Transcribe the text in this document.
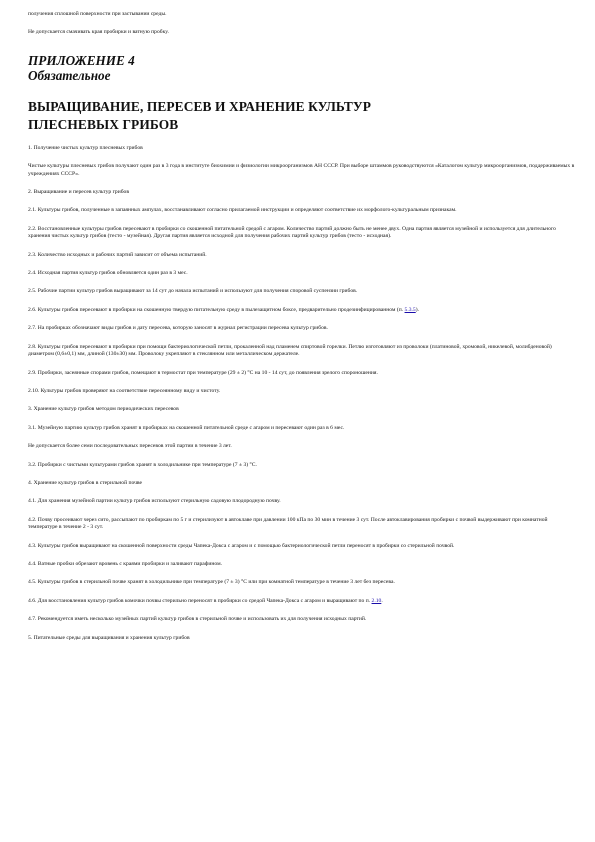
получения сплошной поверхности при застывании среды.

Не допускается смачивать края пробирки и ватную пробку.

ПРИЛОЖЕНИЕ 4
Обязательное
ВЫРАЩИВАНИЕ, ПЕРЕСЕВ И ХРАНЕНИЕ КУЛЬТУР
ПЛЕСНЕВЫХ ГРИБОВ

1. Получение чистых культур плесневых грибов

Чистые культуры плесневых грибов получают один раз в 3 года в институте биохимии и физиологии микроорганизмов АН СССР. При выборе штаммов руководствуются «Каталогом культур микроорганизмов, поддерживаемых в учреждениях СССР».

2. Выращивание и пересев культур грибов

2.1. Культуры грибов, полученные в запаянных ампулах, восстанавливают согласно прилагаемой инструкции и определяют соответствие их морфолого-культуральным признакам.

2.2. Восстановленные культуры грибов пересевают в пробирки со скошенной питательной средой с агаром. Количество партий должно быть не менее двух. Одна партия является музейной и используется для длительного хранения чистых культур грибов (тесто - музейная). Другая партия является исходной для получения рабочих партий культур грибов (тесто - исходная).

2.3. Количество исходных и рабочих партий зависит от объема испытаний.

2.4. Исходная партия культур грибов обновляется один раз в 3 мес.

2.5. Рабочие партии культур грибов выращивают за 14 сут до начала испытаний и используют для получения споровой суспензии грибов.

2.6. Культуры грибов пересевают в пробирки на скошенную твердую питательную среду в пылезащитном боксе, предварительно продезинфицированном (п. 5.3.5).

2.7. На пробирках обозначают виды грибов и дату пересева, которую заносят в журнал регистрации пересева культур грибов.

2.8. Культуры грибов пересевают в пробирки при помощи бактериологической петли, прокаленной над пламенем спиртовой горелки. Петлю изготовляют из проволоки (платиновой, хромовой, никелевой, молибденовой) диаметром (0,6±0,1) мм, длиной (130±30) мм. Проволоку укрепляют в стеклянном или металлическом держателе.

2.9. Пробирки, засеянные спорами грибов, помещают в термостат при температуре (29 ± 2) °С на 10 - 14 сут, до появления зрелого спороношения.

2.10. Культуры грибов проверяют на соответствие пересеянному виду и чистоту.

3. Хранение культур грибов методом периодических пересевов

3.1. Музейную партию культур грибов хранят в пробирках на скошенной питательной среде с агаром и пересевают один раз в 6 мес.

Не допускается более семи последовательных пересевов этой партии в течение 3 лет.

3.2. Пробирки с чистыми культурами грибов хранят в холодильнике при температуре (7 ± 3) °С.

4. Хранение культур грибов в стерильной почве

4.1. Для хранения музейной партии культур грибов используют стерильную садовую плодородную почву.

4.2. Почву просеивают через сито, рассыпают по пробиркам по 5 г и стерилизуют в автоклаве при давлении 100 кПа по 30 мин в течение 3 сут. После автоклавирования пробирки с почвой выдерживают при комнатной температуре в течение 2 - 3 сут.

4.3. Культуры грибов выращивают на скошенной поверхности среды Чапека-Докса с агаром и с помощью бактериологической петли переносят в пробирки со стерильной почвой.

4.4. Ватные пробки обрезают вровень с краями пробирки и заливают парафином.

4.5. Культуры грибов в стерильной почве хранят в холодильнике при температуре (7 ± 3) °С или при комнатной температуре в течение 3 лет без пересева.

4.6. Для восстановления культур грибов комочки почвы стерильно переносят в пробирки со средой Чапека-Докса с агаром и выращивают по п. 2.10.

4.7. Рекомендуется иметь несколько музейных партий культур грибов в стерильной почве и использовать их для получения исходных партий.

5. Питательные среды для выращивания и хранения культур грибов
